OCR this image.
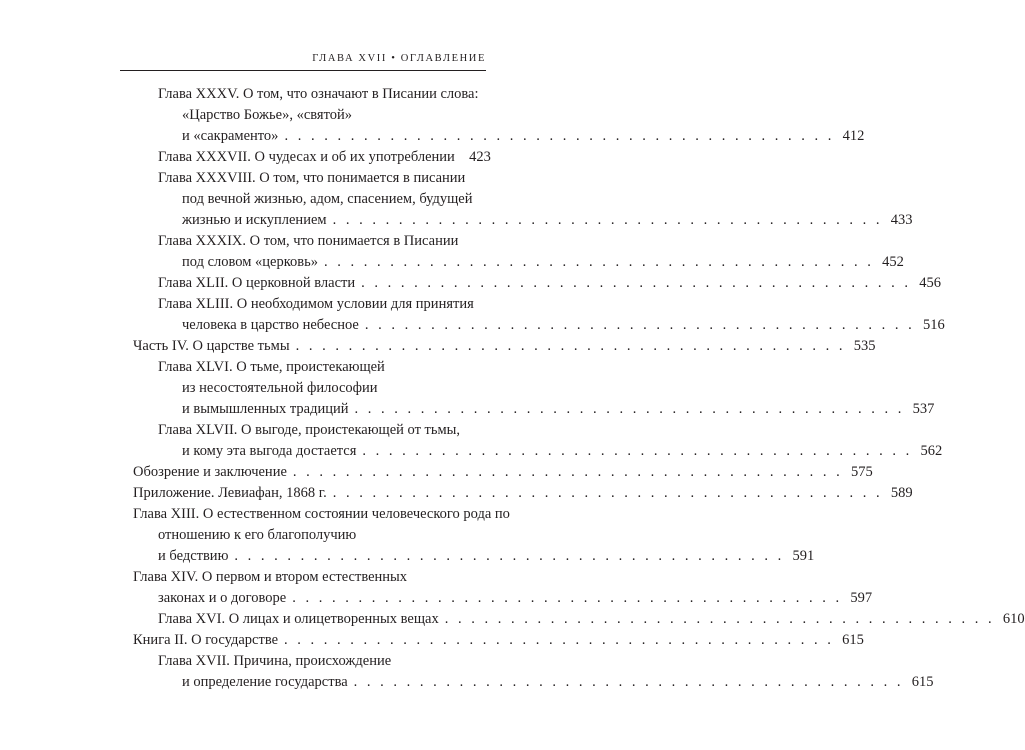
ГЛАВА XVII • ОГЛАВЛЕНИЕ
Глава XXXV. О том, что означают в Писании слова:
«Царство Божье», «святой»
и «сакраменто» . . . . . . . . . . . . . . . . . . . . . . . . . . . . . . . . . . . . . . . . . . 412
Глава XXXVII. О чудесах и об их употреблении 423
Глава XXXVIII. О том, что понимается в писании
под вечной жизнью, адом, спасением, будущей
жизнью и искуплением . . . . . . . . . . . . . . . . . . . . . . . . . . . . . . . . . . . . . . . . . . 433
Глава XXXIX. О том, что понимается в Писании
под словом «церковь» . . . . . . . . . . . . . . . . . . . . . . . . . . . . . . . . . . . . . . . . . . 452
Глава XLII. О церковной власти . . . . . . . . . . . . . . . . . . . . . . . . . . . . . . . . . . . . . . . . . . 456
Глава XLIII. О необходимом условии для принятия
человека в царство небесное . . . . . . . . . . . . . . . . . . . . . . . . . . . . . . . . . . . . . . . . . . 516
Часть IV. О царстве тьмы . . . . . . . . . . . . . . . . . . . . . . . . . . . . . . . . . . . . . . . . . . 535
Глава XLVI. О тьме, проистекающей
из несостоятельной философии
и вымышленных традиций . . . . . . . . . . . . . . . . . . . . . . . . . . . . . . . . . . . . . . . . . . 537
Глава XLVII. О выгоде, проистекающей от тьмы,
и кому эта выгода достается . . . . . . . . . . . . . . . . . . . . . . . . . . . . . . . . . . . . . . . . . . 562
Обозрение и заключение . . . . . . . . . . . . . . . . . . . . . . . . . . . . . . . . . . . . . . . . . . 575
Приложение. Левиафан, 1868 г. . . . . . . . . . . . . . . . . . . . . . . . . . . . . . . . . . . . . . . . . . . 589
Глава XIII. О естественном состоянии человеческого рода по
отношению к его благополучию
и бедствию . . . . . . . . . . . . . . . . . . . . . . . . . . . . . . . . . . . . . . . . . . 591
Глава XIV. О первом и втором естественных
законах и о договоре . . . . . . . . . . . . . . . . . . . . . . . . . . . . . . . . . . . . . . . . . . 597
Глава XVI. О лицах и олицетворенных вещах . . . . . . . . . . . . . . . . . . . . . . . . . . . . . . . . . . . . . . . . . . 610
Книга II. О государстве . . . . . . . . . . . . . . . . . . . . . . . . . . . . . . . . . . . . . . . . . . 615
Глава XVII. Причина, происхождение
и определение государства . . . . . . . . . . . . . . . . . . . . . . . . . . . . . . . . . . . . . . . . . . 615
